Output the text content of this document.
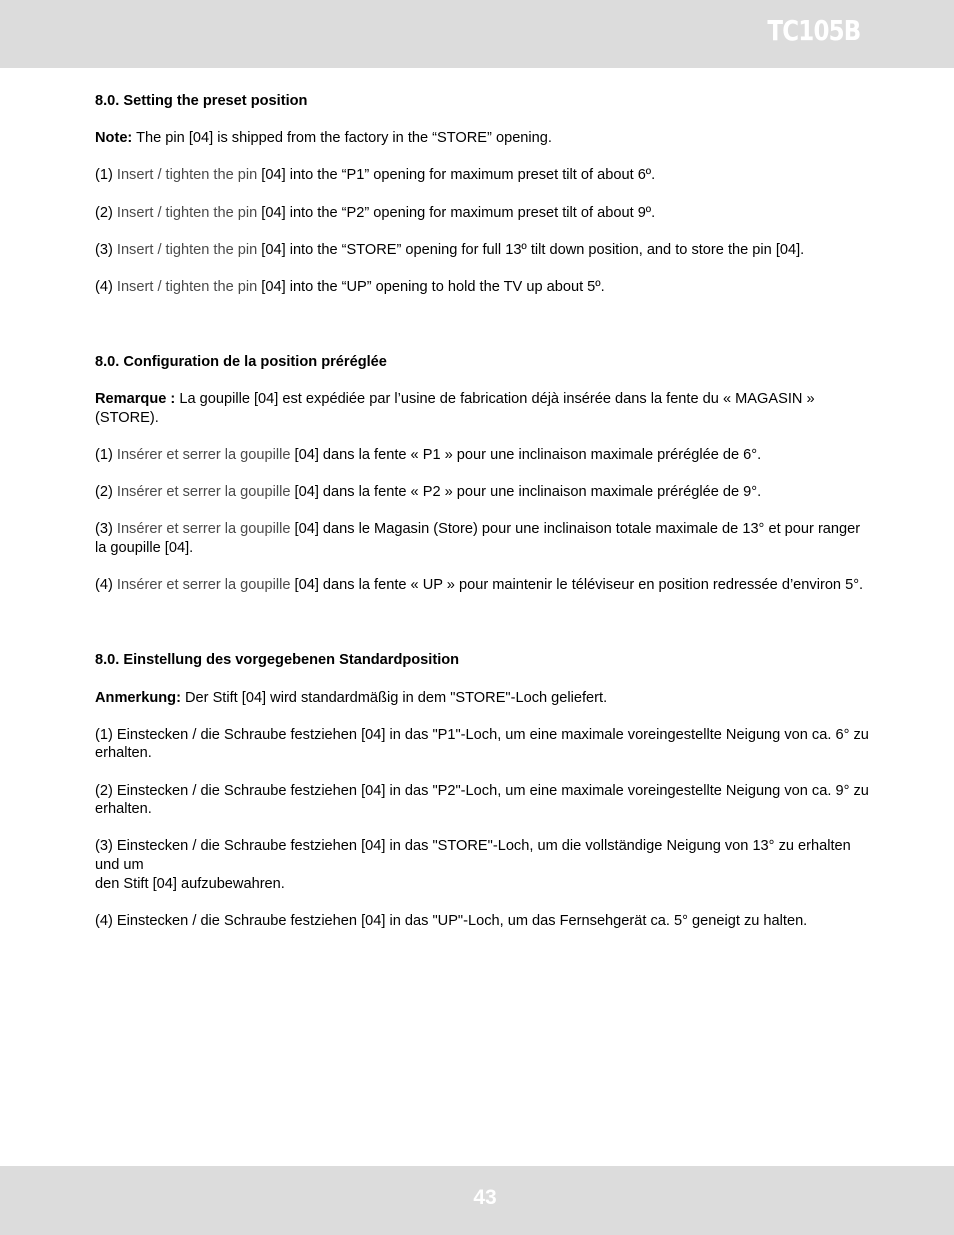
TC105B
8.0. Setting the preset position

Note: The pin [04] is shipped from the factory in the “STORE” opening.

(1) Insert / tighten the pin [04] into the “P1” opening for maximum preset tilt of about 6º.

(2) Insert / tighten the pin [04] into the “P2” opening for maximum preset tilt of about 9º.

(3) Insert / tighten the pin [04] into the “STORE” opening for full 13º tilt down position, and to store the pin [04].

(4) Insert / tighten the pin [04] into the “UP” opening to hold the TV up about 5º.

8.0. Configuration de la position préréglée

Remarque : La goupille [04] est expédiée par l’usine de fabrication déjà insérée dans la fente du « MAGASIN » (STORE).

(1) Insérer et serrer la goupille [04] dans la fente « P1 » pour une inclinaison maximale préréglée de 6°.

(2) Insérer et serrer la goupille [04] dans la fente « P2 » pour une inclinaison maximale préréglée de 9°.

(3) Insérer et serrer la goupille [04] dans le Magasin (Store) pour une inclinaison totale maximale de 13° et pour ranger la goupille [04].

(4) Insérer et serrer la goupille [04] dans la fente « UP » pour maintenir le téléviseur en position redressée d’environ 5°.

8.0. Einstellung des vorgegebenen Standardposition

Anmerkung: Der Stift [04] wird standardmäßig in dem "STORE"-Loch geliefert.

(1) Einstecken / die Schraube festziehen [04] in das "P1"-Loch, um eine maximale voreingestellte Neigung von ca. 6° zu erhalten.

(2) Einstecken / die Schraube festziehen [04] in das "P2"-Loch, um eine maximale voreingestellte Neigung von ca. 9° zu erhalten.

(3) Einstecken / die Schraube festziehen [04] in das "STORE"-Loch, um die vollständige Neigung von 13° zu erhalten und um
den Stift [04] aufzubewahren.

(4) Einstecken / die Schraube festziehen [04] in das "UP"-Loch, um das Fernsehgerät ca. 5° geneigt zu halten.

43
